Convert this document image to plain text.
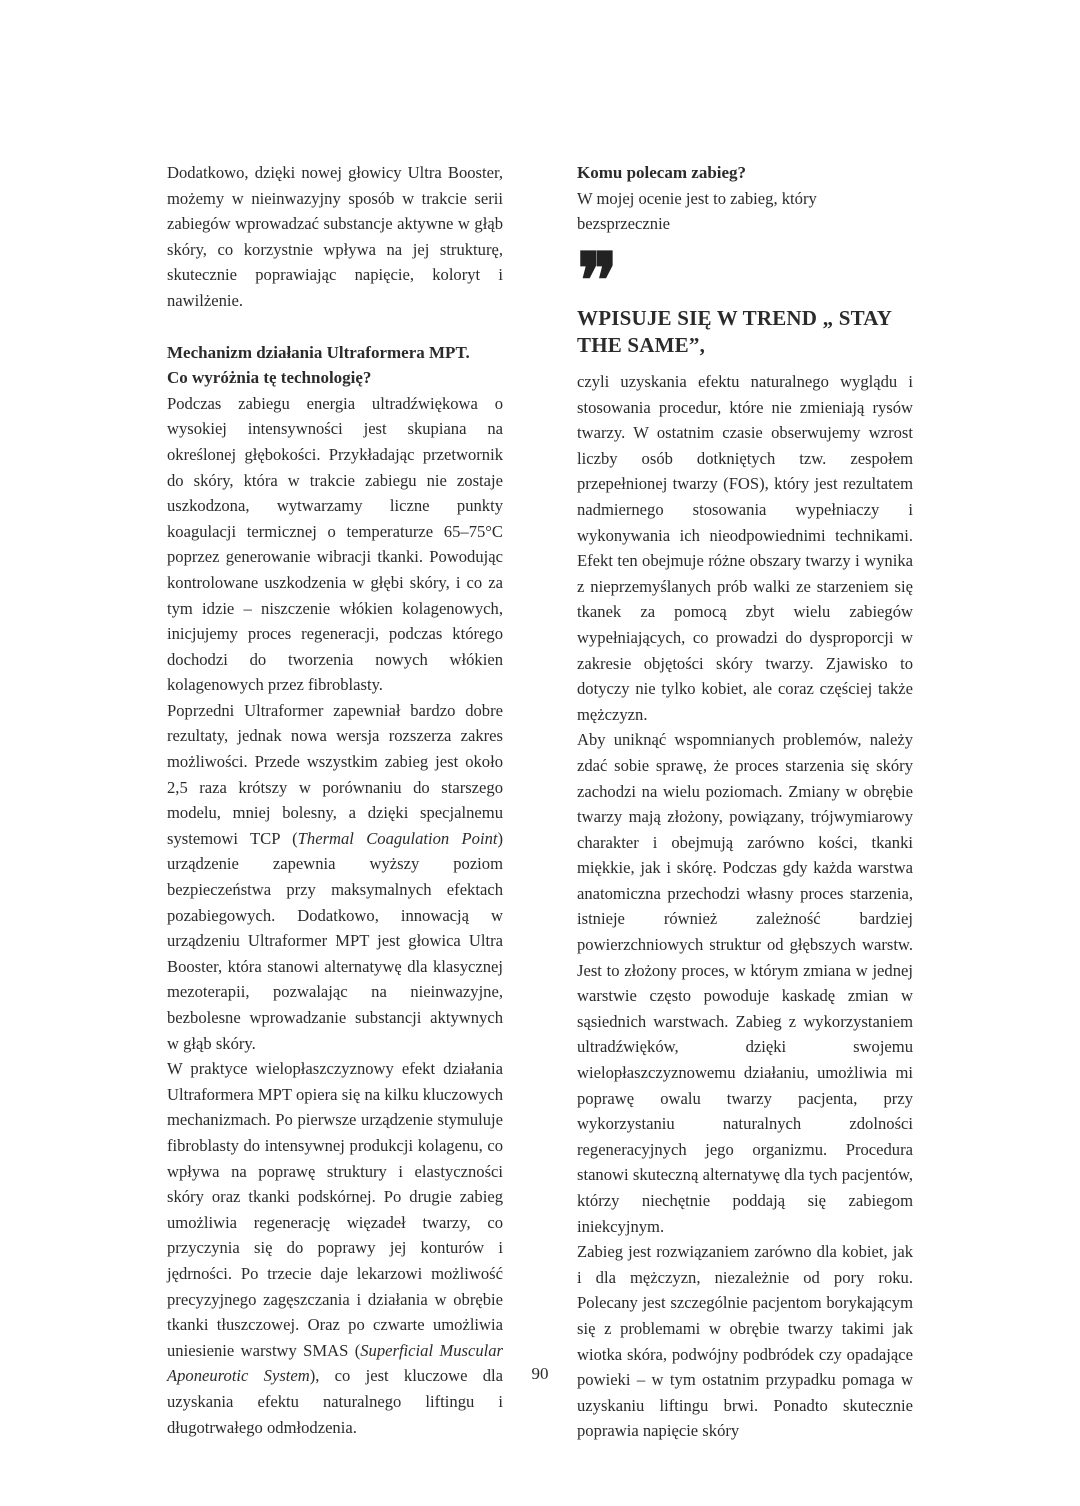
Dodatkowo, dzięki nowej głowicy Ultra Booster, możemy w nieinwazyjny sposób w trakcie serii zabiegów wprowadzać substancje aktywne w głąb skóry, co korzystnie wpływa na jej strukturę, skutecznie poprawiając napięcie, koloryt i nawilżenie.

Mechanizm działania Ultraformera MPT.
Co wyróżnia tę technologię?

Podczas zabiegu energia ultradźwiękowa o wysokiej intensywności jest skupiana na określonej głębokości. Przykładając przetwornik do skóry, która w trakcie zabiegu nie zostaje uszkodzona, wytwarzamy liczne punkty koagulacji termicznej o temperaturze 65–75°C poprzez generowanie wibracji tkanki. Powodując kontrolowane uszkodzenia w głębi skóry, i co za tym idzie – niszczenie włókien kolagenowych, inicjujemy proces regeneracji, podczas którego dochodzi do tworzenia nowych włókien kolagenowych przez fibroblasty.

Poprzedni Ultraformer zapewniał bardzo dobre rezultaty, jednak nowa wersja rozszerza zakres możliwości. Przede wszystkim zabieg jest około 2,5 raza krótszy w porównaniu do starszego modelu, mniej bolesny, a dzięki specjalnemu systemowi TCP (Thermal Coagulation Point) urządzenie zapewnia wyższy poziom bezpieczeństwa przy maksymalnych efektach pozabiegowych. Dodatkowo, innowacją w urządzeniu Ultraformer MPT jest głowica Ultra Booster, która stanowi alternatywę dla klasycznej mezoterapii, pozwalając na nieinwazyjne, bezbolesne wprowadzanie substancji aktywnych w głąb skóry.

W praktyce wielopłaszczyznowy efekt działania Ultraformera MPT opiera się na kilku kluczowych mechanizmach. Po pierwsze urządzenie stymuluje fibroblasty do intensywnej produkcji kolagenu, co wpływa na poprawę struktury i elastyczności skóry oraz tkanki podskórnej. Po drugie zabieg umożliwia regenerację więzadeł twarzy, co przyczynia się do poprawy jej konturów i jędrności. Po trzecie daje lekarzowi możliwość precyzyjnego zagęszczania i działania w obrębie tkanki tłuszczowej. Oraz po czwarte umożliwia uniesienie warstwy SMAS (Superficial Muscular Aponeurotic System), co jest kluczowe dla uzyskania efektu naturalnego liftingu i długotrwałego odmłodzenia.

Komu polecam zabieg?

W mojej ocenie jest to zabieg, który bezsprzecznie

❞
WPISUJE SIĘ W TREND „ STAY THE SAME”,

czyli uzyskania efektu naturalnego wyglądu i stosowania procedur, które nie zmieniają rysów twarzy. W ostatnim czasie obserwujemy wzrost liczby osób dotkniętych tzw. zespołem przepełnionej twarzy (FOS), który jest rezultatem nadmiernego stosowania wypełniaczy i wykonywania ich nieodpowiednimi technikami. Efekt ten obejmuje różne obszary twarzy i wynika z nieprzemyślanych prób walki ze starzeniem się tkanek za pomocą zbyt wielu zabiegów wypełniających, co prowadzi do dysproporcji w zakresie objętości skóry twarzy. Zjawisko to dotyczy nie tylko kobiet, ale coraz częściej także mężczyzn.

Aby uniknąć wspomnianych problemów, należy zdać sobie sprawę, że proces starzenia się skóry zachodzi na wielu poziomach. Zmiany w obrębie twarzy mają złożony, powiązany, trójwymiarowy charakter i obejmują zarówno kości, tkanki miękkie, jak i skórę. Podczas gdy każda warstwa anatomiczna przechodzi własny proces starzenia, istnieje również zależność bardziej powierzchniowych struktur od głębszych warstw. Jest to złożony proces, w którym zmiana w jednej warstwie często powoduje kaskadę zmian w sąsiednich warstwach. Zabieg z wykorzystaniem ultradźwięków, dzięki swojemu wielopłaszczyznowemu działaniu, umożliwia mi poprawę owalu twarzy pacjenta, przy wykorzystaniu naturalnych zdolności regeneracyjnych jego organizmu. Procedura stanowi skuteczną alternatywę dla tych pacjentów, którzy niechętnie poddają się zabiegom iniekcyjnym.

Zabieg jest rozwiązaniem zarówno dla kobiet, jak i dla mężczyzn, niezależnie od pory roku. Polecany jest szczególnie pacjentom borykającym się z problemami w obrębie twarzy takimi jak wiotka skóra, podwójny podbródek czy opadające powieki – w tym ostatnim przypadku pomaga w uzyskaniu liftingu brwi. Ponadto skutecznie poprawia napięcie skóry

90
